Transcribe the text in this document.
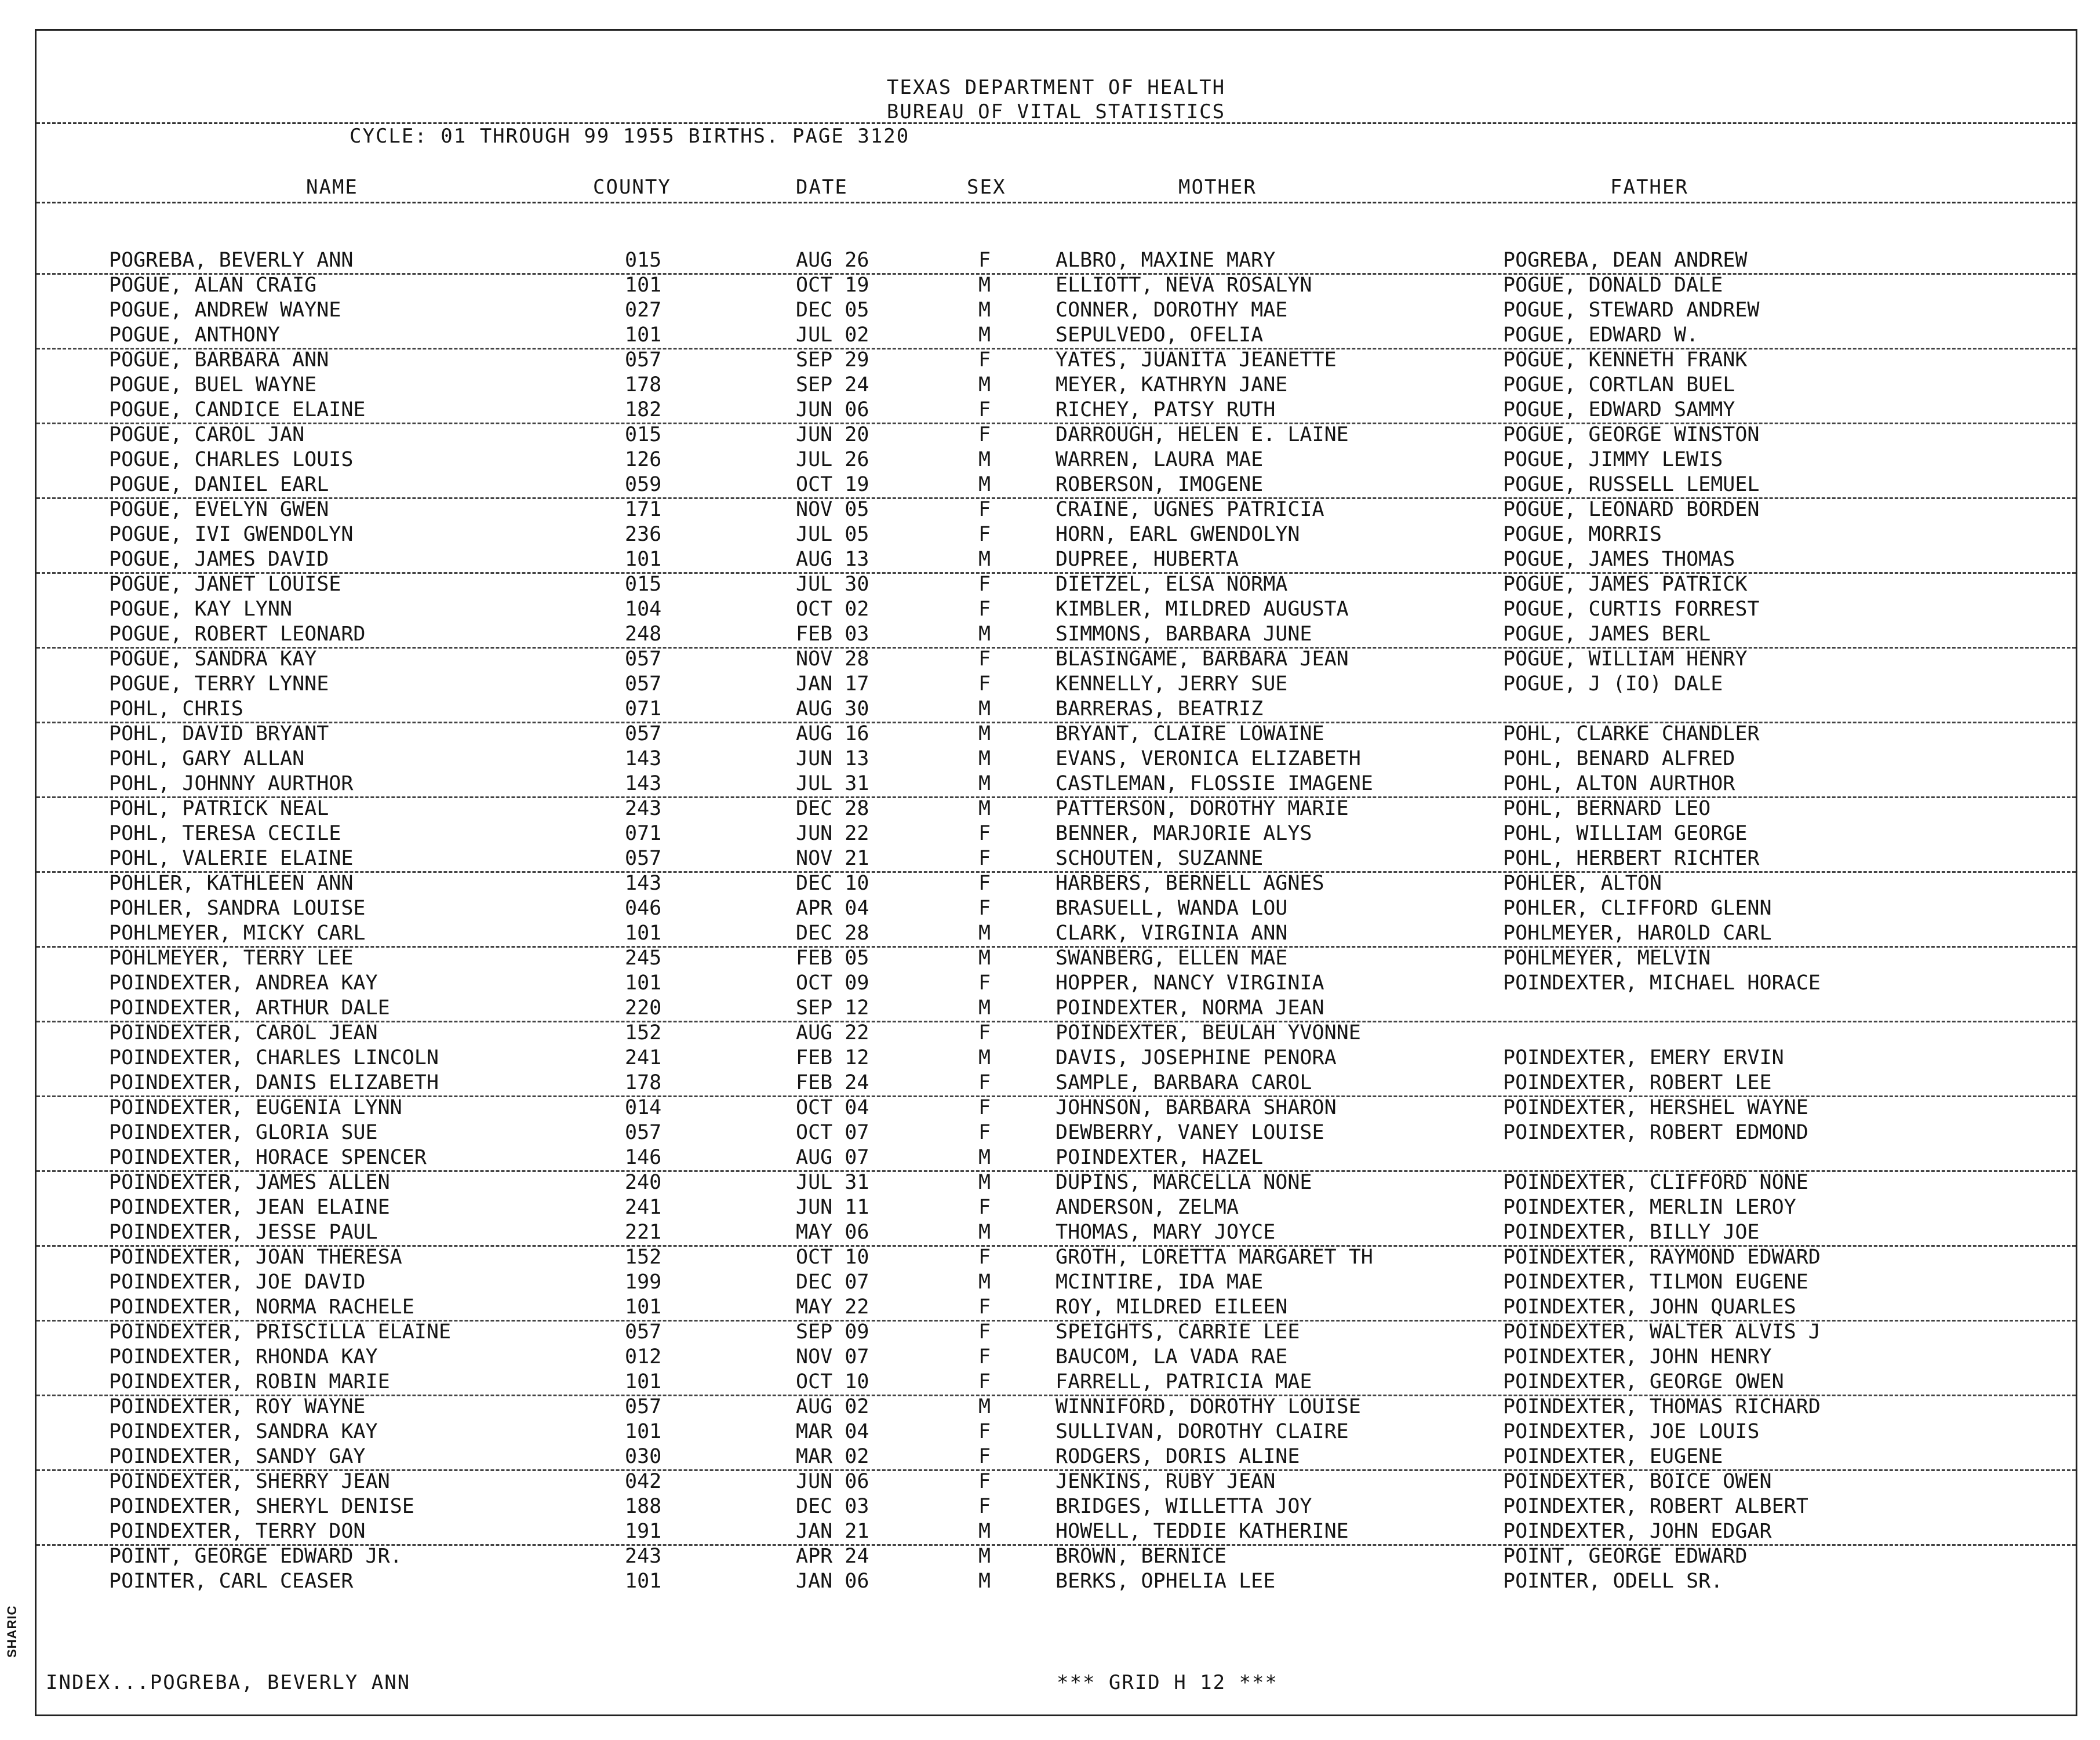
TEXAS DEPARTMENT OF HEALTH
BUREAU OF VITAL STATISTICS
CYCLE: 01 THROUGH 99 1955 BIRTHS. PAGE 3120
NAME	COUNTY	DATE	SEX	MOTHER	FATHER
POGREBA, BEVERLY ANN	015	AUG 26	F	ALBRO, MAXINE MARY	POGREBA, DEAN ANDREW
POGUE, ALAN CRAIG	101	OCT 19	M	ELLIOTT, NEVA ROSALYN	POGUE, DONALD DALE
POGUE, ANDREW WAYNE	027	DEC 05	M	CONNER, DOROTHY MAE	POGUE, STEWARD ANDREW
POGUE, ANTHONY	101	JUL 02	M	SEPULVEDO, OFELIA	POGUE, EDWARD W.
POGUE, BARBARA ANN	057	SEP 29	F	YATES, JUANITA JEANETTE	POGUE, KENNETH FRANK
POGUE, BUEL WAYNE	178	SEP 24	M	MEYER, KATHRYN JANE	POGUE, CORTLAN BUEL
POGUE, CANDICE ELAINE	182	JUN 06	F	RICHEY, PATSY RUTH	POGUE, EDWARD SAMMY
POGUE, CAROL JAN	015	JUN 20	F	DARROUGH, HELEN E. LAINE	POGUE, GEORGE WINSTON
POGUE, CHARLES LOUIS	126	JUL 26	M	WARREN, LAURA MAE	POGUE, JIMMY LEWIS
POGUE, DANIEL EARL	059	OCT 19	M	ROBERSON, IMOGENE	POGUE, RUSSELL LEMUEL
POGUE, EVELYN GWEN	171	NOV 05	F	CRAINE, UGNES PATRICIA	POGUE, LEONARD BORDEN
POGUE, IVI GWENDOLYN	236	JUL 05	F	HORN, EARL GWENDOLYN	POGUE, MORRIS
POGUE, JAMES DAVID	101	AUG 13	M	DUPREE, HUBERTA	POGUE, JAMES THOMAS
POGUE, JANET LOUISE	015	JUL 30	F	DIETZEL, ELSA NORMA	POGUE, JAMES PATRICK
POGUE, KAY LYNN	104	OCT 02	F	KIMBLER, MILDRED AUGUSTA	POGUE, CURTIS FORREST
POGUE, ROBERT LEONARD	248	FEB 03	M	SIMMONS, BARBARA JUNE	POGUE, JAMES BERL
POGUE, SANDRA KAY	057	NOV 28	F	BLASINGAME, BARBARA JEAN	POGUE, WILLIAM HENRY
POGUE, TERRY LYNNE	057	JAN 17	F	KENNELLY, JERRY SUE	POGUE, J (IO) DALE
POHL, CHRIS	071	AUG 30	M	BARRERAS, BEATRIZ
POHL, DAVID BRYANT	057	AUG 16	M	BRYANT, CLAIRE LOWAINE	POHL, CLARKE CHANDLER
POHL, GARY ALLAN	143	JUN 13	M	EVANS, VERONICA ELIZABETH	POHL, BENARD ALFRED
POHL, JOHNNY AURTHOR	143	JUL 31	M	CASTLEMAN, FLOSSIE IMAGENE	POHL, ALTON AURTHOR
POHL, PATRICK NEAL	243	DEC 28	M	PATTERSON, DOROTHY MARIE	POHL, BERNARD LEO
POHL, TERESA CECILE	071	JUN 22	F	BENNER, MARJORIE ALYS	POHL, WILLIAM GEORGE
POHL, VALERIE ELAINE	057	NOV 21	F	SCHOUTEN, SUZANNE	POHL, HERBERT RICHTER
POHLER, KATHLEEN ANN	143	DEC 10	F	HARBERS, BERNELL AGNES	POHLER, ALTON
POHLER, SANDRA LOUISE	046	APR 04	F	BRASUELL, WANDA LOU	POHLER, CLIFFORD GLENN
POHLMEYER, MICKY CARL	101	DEC 28	M	CLARK, VIRGINIA ANN	POHLMEYER, HAROLD CARL
POHLMEYER, TERRY LEE	245	FEB 05	M	SWANBERG, ELLEN MAE	POHLMEYER, MELVIN
POINDEXTER, ANDREA KAY	101	OCT 09	F	HOPPER, NANCY VIRGINIA	POINDEXTER, MICHAEL HORACE
POINDEXTER, ARTHUR DALE	220	SEP 12	M	POINDEXTER, NORMA JEAN
POINDEXTER, CAROL JEAN	152	AUG 22	F	POINDEXTER, BEULAH YVONNE
POINDEXTER, CHARLES LINCOLN	241	FEB 12	M	DAVIS, JOSEPHINE PENORA	POINDEXTER, EMERY ERVIN
POINDEXTER, DANIS ELIZABETH	178	FEB 24	F	SAMPLE, BARBARA CAROL	POINDEXTER, ROBERT LEE
POINDEXTER, EUGENIA LYNN	014	OCT 04	F	JOHNSON, BARBARA SHARON	POINDEXTER, HERSHEL WAYNE
POINDEXTER, GLORIA SUE	057	OCT 07	F	DEWBERRY, VANEY LOUISE	POINDEXTER, ROBERT EDMOND
POINDEXTER, HORACE SPENCER	146	AUG 07	M	POINDEXTER, HAZEL
POINDEXTER, JAMES ALLEN	240	JUL 31	M	DUPINS, MARCELLA NONE	POINDEXTER, CLIFFORD NONE
POINDEXTER, JEAN ELAINE	241	JUN 11	F	ANDERSON, ZELMA	POINDEXTER, MERLIN LEROY
POINDEXTER, JESSE PAUL	221	MAY 06	M	THOMAS, MARY JOYCE	POINDEXTER, BILLY JOE
POINDEXTER, JOAN THERESA	152	OCT 10	F	GROTH, LORETTA MARGARET TH	POINDEXTER, RAYMOND EDWARD
POINDEXTER, JOE DAVID	199	DEC 07	M	MCINTIRE, IDA MAE	POINDEXTER, TILMON EUGENE
POINDEXTER, NORMA RACHELE	101	MAY 22	F	ROY, MILDRED EILEEN	POINDEXTER, JOHN QUARLES
POINDEXTER, PRISCILLA ELAINE	057	SEP 09	F	SPEIGHTS, CARRIE LEE	POINDEXTER, WALTER ALVIS J
POINDEXTER, RHONDA KAY	012	NOV 07	F	BAUCOM, LA VADA RAE	POINDEXTER, JOHN HENRY
POINDEXTER, ROBIN MARIE	101	OCT 10	F	FARRELL, PATRICIA MAE	POINDEXTER, GEORGE OWEN
POINDEXTER, ROY WAYNE	057	AUG 02	M	WINNIFORD, DOROTHY LOUISE	POINDEXTER, THOMAS RICHARD
POINDEXTER, SANDRA KAY	101	MAR 04	F	SULLIVAN, DOROTHY CLAIRE	POINDEXTER, JOE LOUIS
POINDEXTER, SANDY GAY	030	MAR 02	F	RODGERS, DORIS ALINE	POINDEXTER, EUGENE
POINDEXTER, SHERRY JEAN	042	JUN 06	F	JENKINS, RUBY JEAN	POINDEXTER, BOICE OWEN
POINDEXTER, SHERYL DENISE	188	DEC 03	F	BRIDGES, WILLETTA JOY	POINDEXTER, ROBERT ALBERT
POINDEXTER, TERRY DON	191	JAN 21	M	HOWELL, TEDDIE KATHERINE	POINDEXTER, JOHN EDGAR
POINT, GEORGE EDWARD JR.	243	APR 24	M	BROWN, BERNICE	POINT, GEORGE EDWARD
POINTER, CARL CEASER	101	JAN 06	M	BERKS, OPHELIA LEE	POINTER, ODELL SR.
INDEX...POGREBA, BEVERLY ANN	*** GRID H 12 ***
SHARIC
